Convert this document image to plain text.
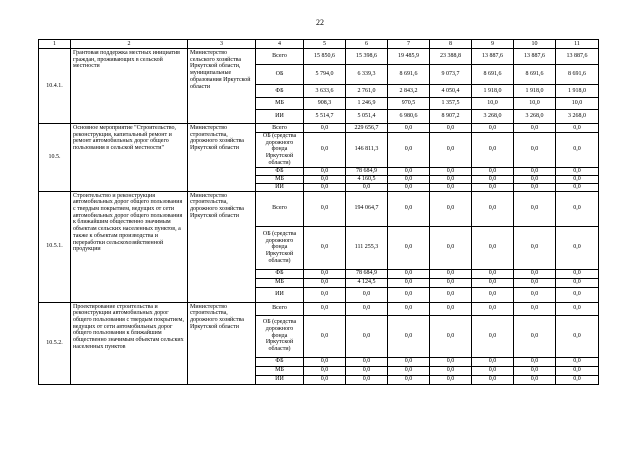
22
1	2	3	4	5	6	7	8	9	10	11
10.4.1.	Грантовая поддержка местных инициатив граждан, проживающих в сельской местности	Министерство сельского хозяйства Иркутской области, муниципальные образования Иркутской области	Всего	15 850,6	15 398,6	19 485,9	23 388,8	13 887,6	13 887,6	13 887,6
			ОБ	5 794,0	6 339,3	8 691,6	9 073,7	8 691,6	8 691,6	8 691,6
			ФБ	3 633,6	2 761,0	2 843,2	4 050,4	1 918,0	1 918,0	1 918,0
			МБ	908,3	1 246,9	970,5	1 357,5	10,0	10,0	10,0
			ИИ	5 514,7	5 051,4	6 980,6	8 907,2	3 268,0	3 268,0	3 268,0
10.5.	Основное мероприятие "Строительство, реконструкция, капитальный ремонт и ремонт автомобильных дорог общего пользования в сельской местности"	Министерство строительства, дорожного хозяйства Иркутской области	Всего	0,0	229 656,7	0,0	0,0	0,0	0,0	0,0
			ОБ (средства дорожного фонда Иркутской области)	0,0	146 811,3	0,0	0,0	0,0	0,0	0,0
			ФБ	0,0	78 684,9	0,0	0,0	0,0	0,0	0,0
			МБ	0,0	4 160,5	0,0	0,0	0,0	0,0	0,0
			ИИ	0,0	0,0	0,0	0,0	0,0	0,0	0,0
10.5.1.	Строительство и реконструкция автомобильных дорог общего пользования с твердым покрытием, ведущих от сети автомобильных дорог общего пользования к ближайшим общественно значимым объектам сельских населенных пунктов, а также к объектам производства и переработки сельскохозяйственной продукции	Министерство строительства, дорожного хозяйства Иркутской области	Всего	0,0	194 064,7	0,0	0,0	0,0	0,0	0,0
			ОБ (средства дорожного фонда Иркутской области)	0,0	111 255,3	0,0	0,0	0,0	0,0	0,0
			ФБ	0,0	78 684,9	0,0	0,0	0,0	0,0	0,0
			МБ	0,0	4 124,5	0,0	0,0	0,0	0,0	0,0
			ИИ	0,0	0,0	0,0	0,0	0,0	0,0	0,0
10.5.2.	Проектирование строительства и реконструкции автомобильных дорог общего пользования с твердым покрытием, ведущих от сети автомобильных дорог общего пользования к ближайшим общественно значимым объектам сельских населенных пунктов	Министерство строительства, дорожного хозяйства Иркутской области	Всего	0,0	0,0	0,0	0,0	0,0	0,0	0,0
			ОБ (средства дорожного фонда Иркутской области)	0,0	0,0	0,0	0,0	0,0	0,0	0,0
			ФБ	0,0	0,0	0,0	0,0	0,0	0,0	0,0
			МБ	0,0	0,0	0,0	0,0	0,0	0,0	0,0
			ИИ	0,0	0,0	0,0	0,0	0,0	0,0	0,0
